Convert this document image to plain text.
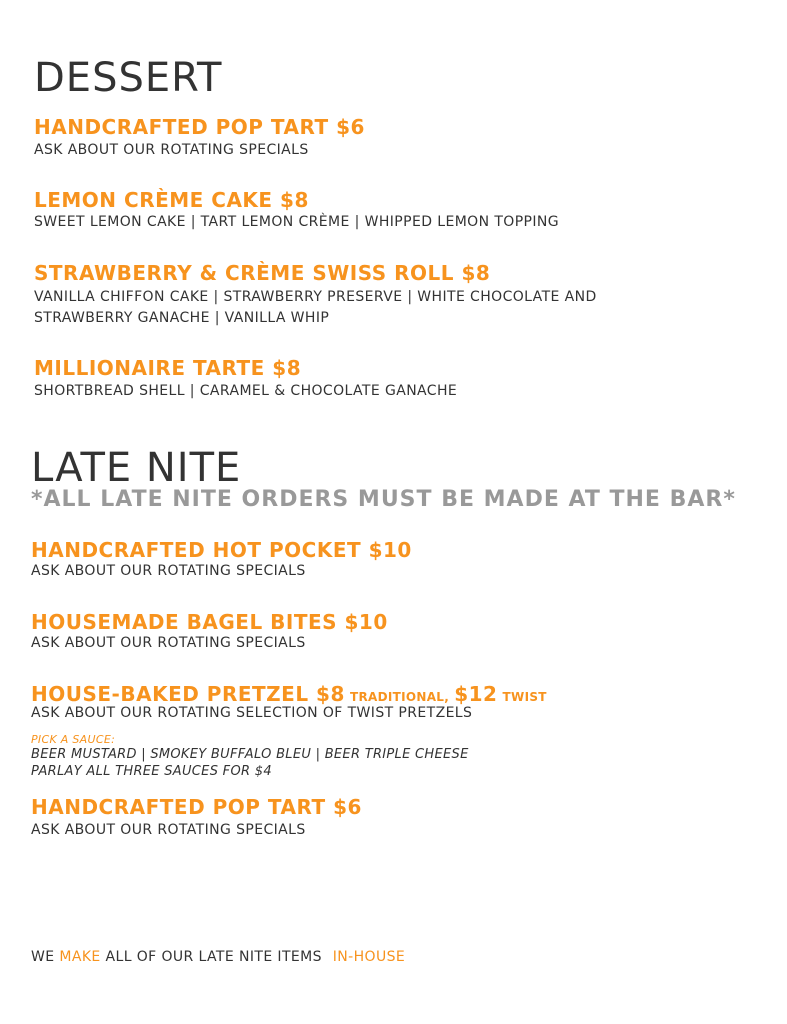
DESSERT
HANDCRAFTED POP TART $6
ASK ABOUT OUR ROTATING SPECIALS
LEMON CRÈME CAKE $8
SWEET LEMON CAKE | TART LEMON CRÈME | WHIPPED LEMON TOPPING
STRAWBERRY & CRÈME SWISS ROLL $8
VANILLA CHIFFON CAKE | STRAWBERRY PRESERVE | WHITE CHOCOLATE AND
STRAWBERRY GANACHE | VANILLA WHIP
MILLIONAIRE TARTE $8
SHORTBREAD SHELL | CARAMEL & CHOCOLATE GANACHE
LATE NITE
*ALL LATE NITE ORDERS MUST BE MADE AT THE BAR*
HANDCRAFTED HOT POCKET $10
ASK ABOUT OUR ROTATING SPECIALS
HOUSEMADE BAGEL BITES $10
ASK ABOUT OUR ROTATING SPECIALS
HOUSE-BAKED PRETZEL $8 TRADITIONAL, $12 TWIST
ASK ABOUT OUR ROTATING SELECTION OF TWIST PRETZELS
PICK A SAUCE:
BEER MUSTARD | SMOKEY BUFFALO BLEU | BEER TRIPLE CHEESE
PARLAY ALL THREE SAUCES FOR $4
HANDCRAFTED POP TART $6
ASK ABOUT OUR ROTATING SPECIALS
WE MAKE ALL OF OUR LATE NITE ITEMS IN-HOUSE
